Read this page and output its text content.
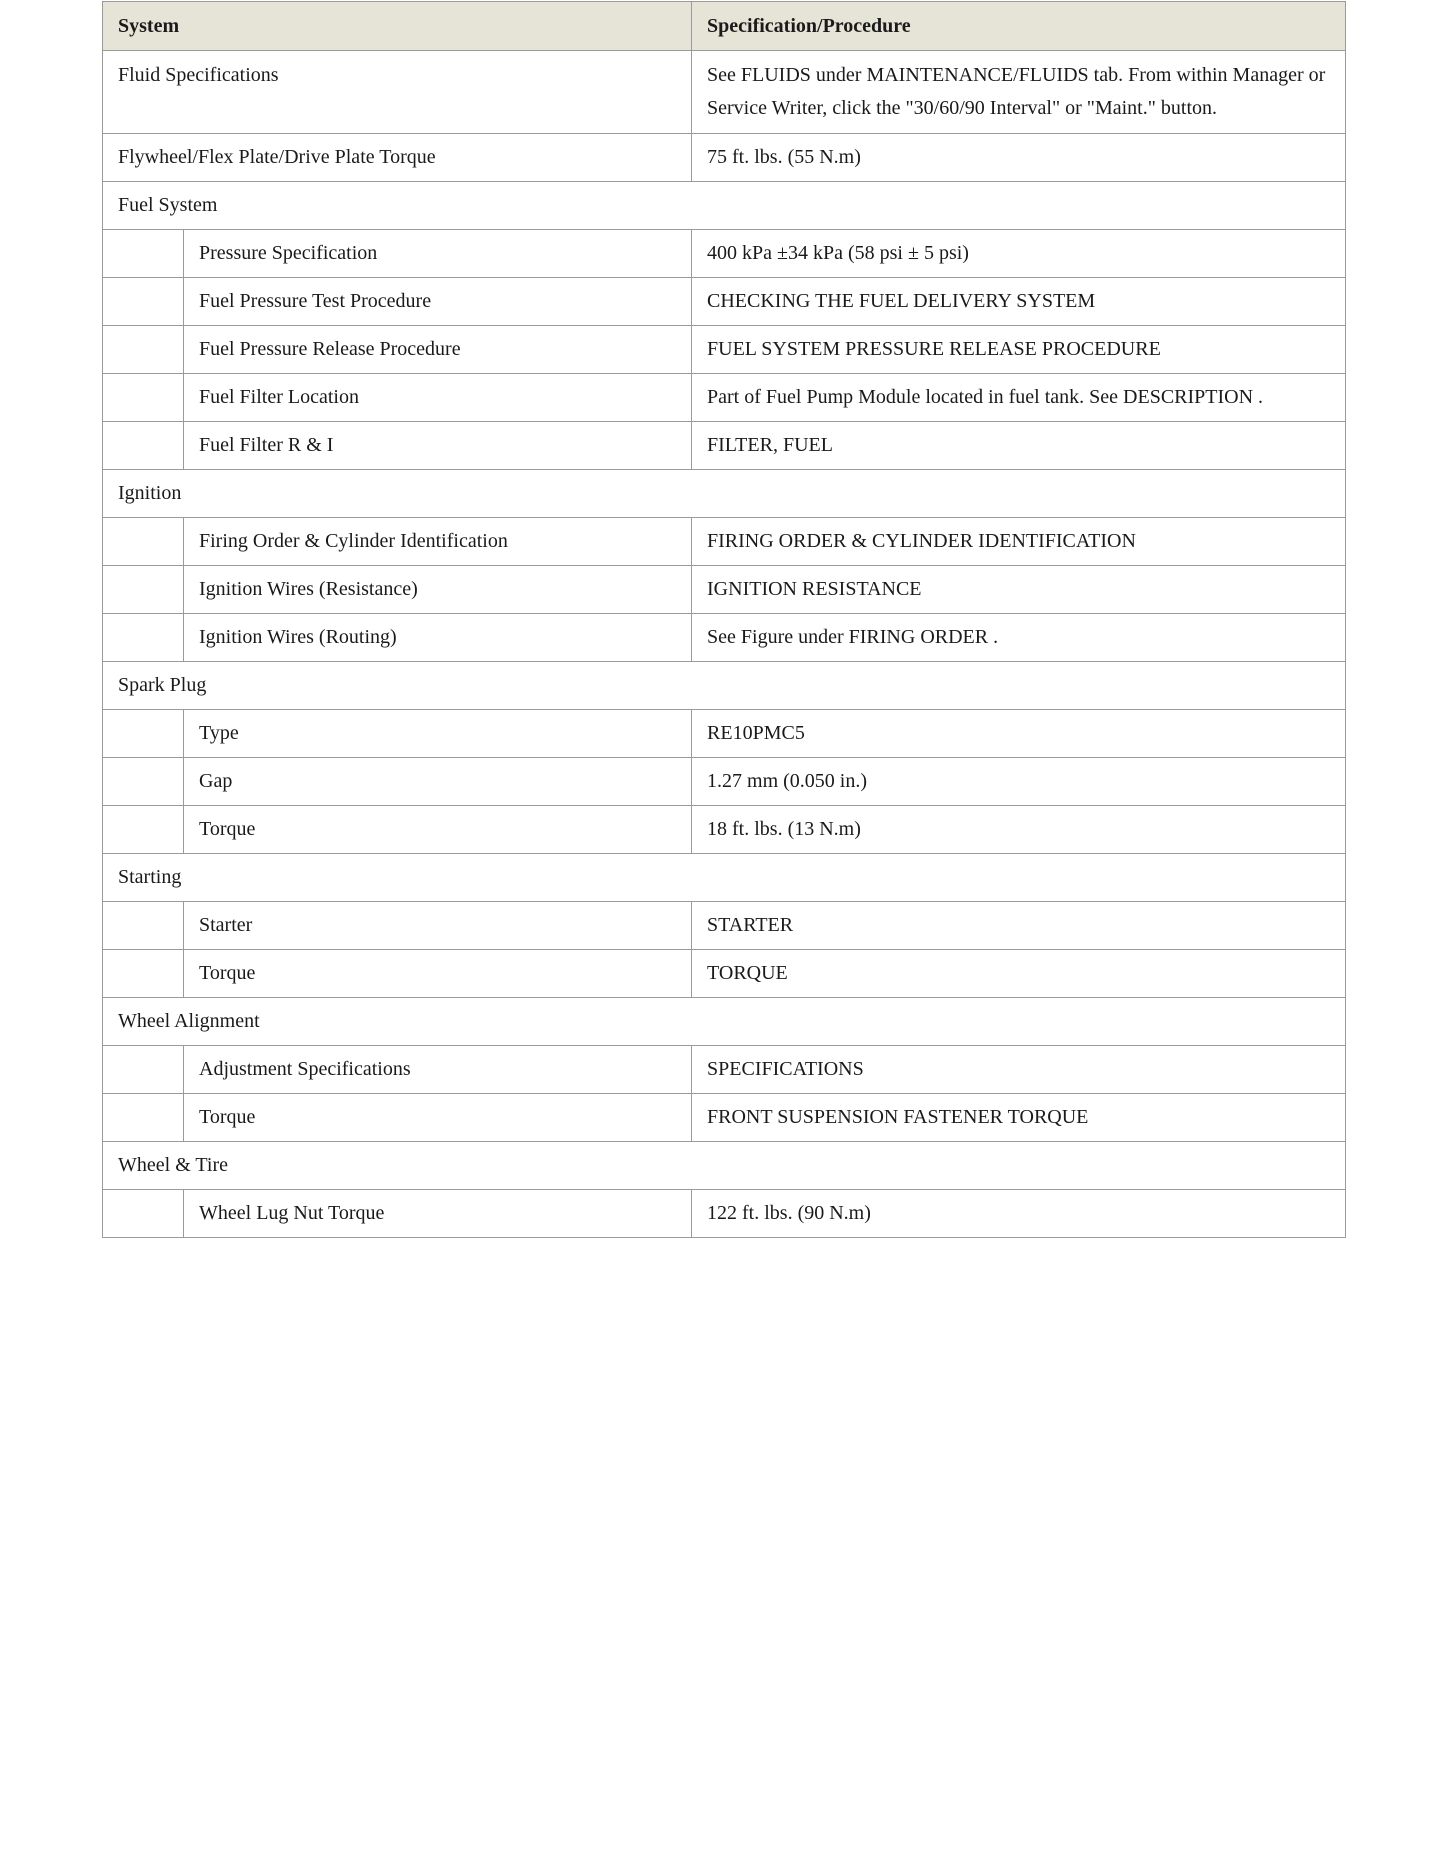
System		Specification/Procedure
Fluid Specifications		See FLUIDS under MAINTENANCE/FLUIDS tab. From within Manager or Service Writer, click the "30/60/90 Interval" or "Maint." button.
Flywheel/Flex Plate/Drive Plate Torque		75 ft. lbs. (55 N.m)
Fuel System		
	Pressure Specification	400 kPa ±34 kPa (58 psi ± 5 psi)
	Fuel Pressure Test Procedure	CHECKING THE FUEL DELIVERY SYSTEM
	Fuel Pressure Release Procedure	FUEL SYSTEM PRESSURE RELEASE PROCEDURE
	Fuel Filter Location	Part of Fuel Pump Module located in fuel tank. See DESCRIPTION .
	Fuel Filter R & I	FILTER, FUEL
Ignition		
	Firing Order & Cylinder Identification	FIRING ORDER & CYLINDER IDENTIFICATION
	Ignition Wires (Resistance)	IGNITION RESISTANCE
	Ignition Wires (Routing)	See Figure under FIRING ORDER .
Spark Plug		
	Type	RE10PMC5
	Gap	1.27 mm (0.050 in.)
	Torque	18 ft. lbs. (13 N.m)
Starting		
	Starter	STARTER
	Torque	TORQUE
Wheel Alignment		
	Adjustment Specifications	SPECIFICATIONS
	Torque	FRONT SUSPENSION FASTENER TORQUE
Wheel & Tire		
	Wheel Lug Nut Torque	122 ft. lbs. (90 N.m)
